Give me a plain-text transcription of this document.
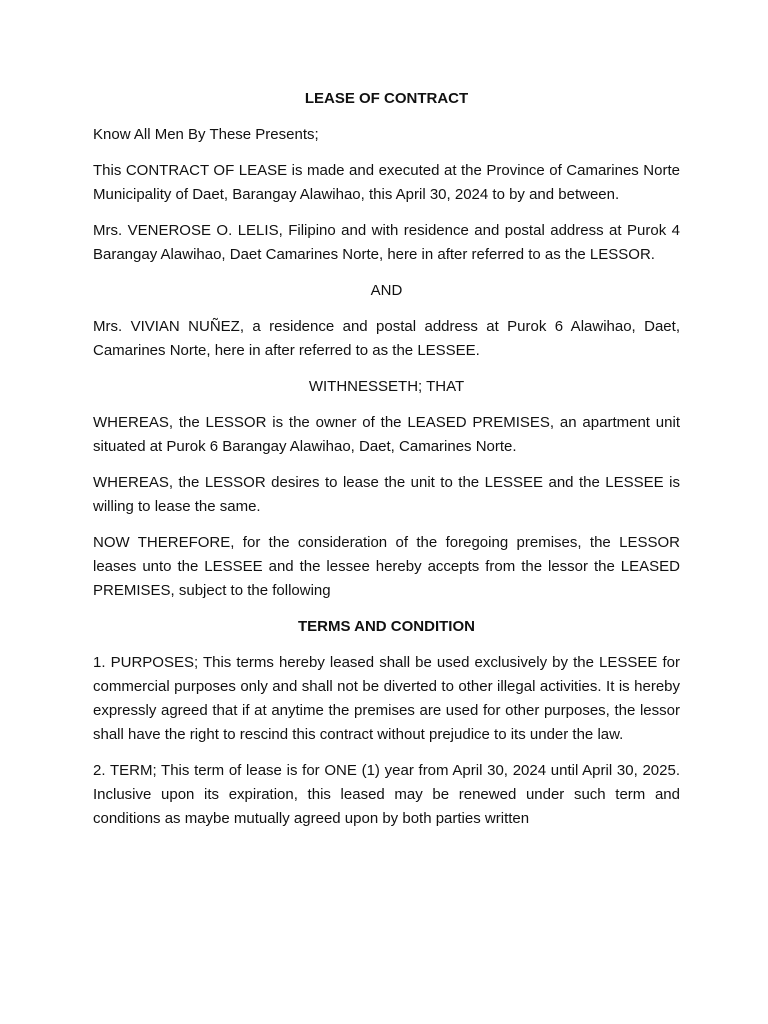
LEASE OF CONTRACT
Know All Men By These Presents;
This CONTRACT OF LEASE is made and executed at the Province of Camarines Norte Municipality of Daet, Barangay Alawihao, this April 30, 2024 to by and between.
Mrs. VENEROSE O. LELIS, Filipino and with residence and postal address at Purok 4 Barangay Alawihao, Daet Camarines Norte, here in after referred to as the LESSOR.
AND
Mrs. VIVIAN NUÑEZ, a residence and postal address at Purok 6 Alawihao, Daet, Camarines Norte, here in after referred to as the LESSEE.
WITHNESSETH; THAT
WHEREAS, the LESSOR is the owner of the LEASED PREMISES, an apartment unit situated at Purok 6 Barangay Alawihao, Daet, Camarines Norte.
WHEREAS, the LESSOR desires to lease the unit to the LESSEE and the LESSEE is willing to lease the same.
NOW THEREFORE, for the consideration of the foregoing premises, the LESSOR leases unto the LESSEE and the lessee hereby accepts from the lessor the LEASED PREMISES, subject to the following
TERMS AND CONDITION
1. PURPOSES; This terms hereby leased shall be used exclusively by the LESSEE for commercial purposes only and shall not be diverted to other illegal activities. It is hereby expressly agreed that if at anytime the premises are used for other purposes, the lessor shall have the right to rescind this contract without prejudice to its under the law.
2. TERM; This term of lease is for ONE (1) year from April 30, 2024 until April 30, 2025. Inclusive upon its expiration, this leased may be renewed under such term and conditions as maybe mutually agreed upon by both parties written
